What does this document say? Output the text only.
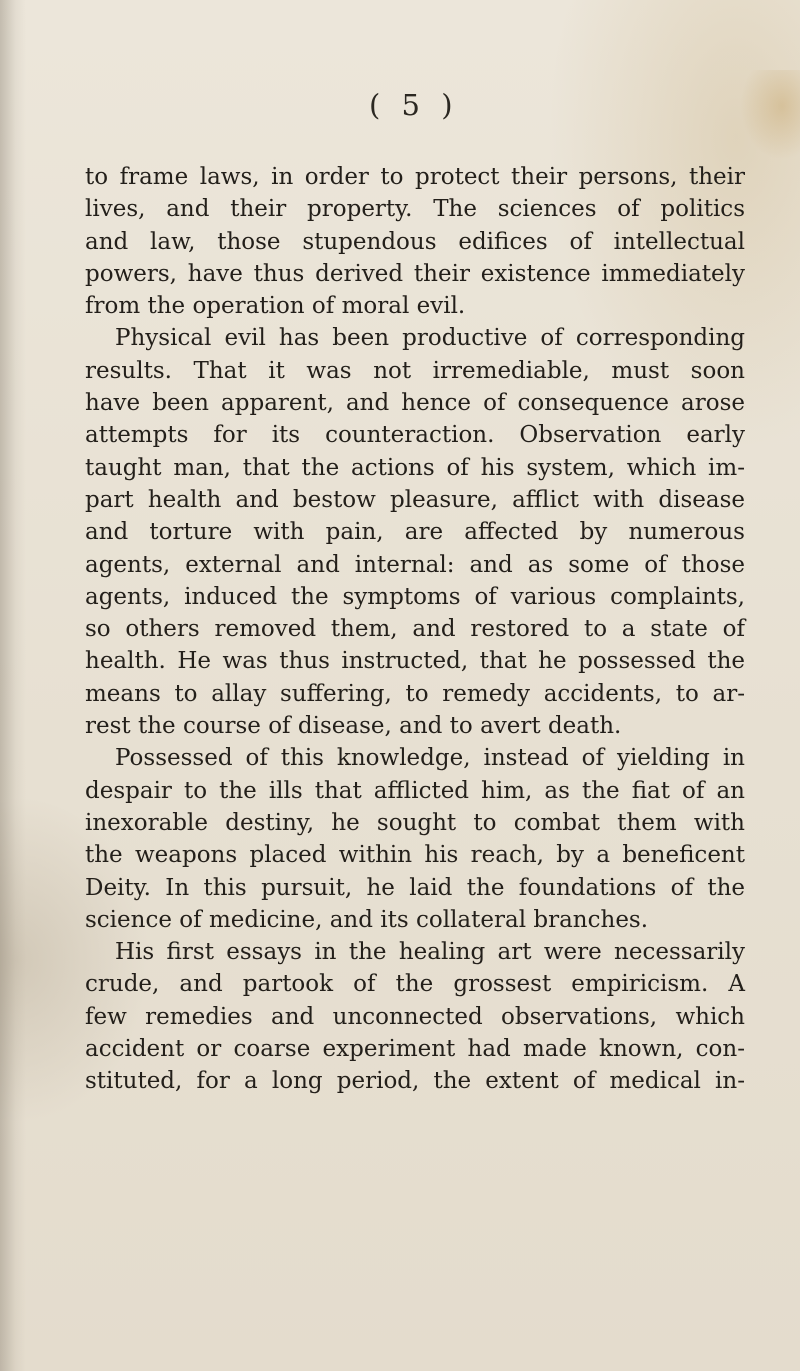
( 5 )
to frame laws, in order to protect their persons, their
lives, and their property. The sciences of politics
and law, those stupendous edifices of intellectual
powers, have thus derived their existence immediately
from the operation of moral evil.
Physical evil has been productive of corresponding
results. That it was not irremediable, must soon
have been apparent, and hence of consequence arose
attempts for its counteraction. Observation early
taught man, that the actions of his system, which im-
part health and bestow pleasure, afflict with disease
and torture with pain, are affected by numerous
agents, external and internal: and as some of those
agents, induced the symptoms of various complaints,
so others removed them, and restored to a state of
health. He was thus instructed, that he possessed the
means to allay suffering, to remedy accidents, to ar-
rest the course of disease, and to avert death.
Possessed of this knowledge, instead of yielding in
despair to the ills that afflicted him, as the fiat of an
inexorable destiny, he sought to combat them with
the weapons placed within his reach, by a beneficent
Deity. In this pursuit, he laid the foundations of the
science of medicine, and its collateral branches.
His first essays in the healing art were necessarily
crude, and partook of the grossest empiricism. A
few remedies and unconnected observations, which
accident or coarse experiment had made known, con-
stituted, for a long period, the extent of medical in-
